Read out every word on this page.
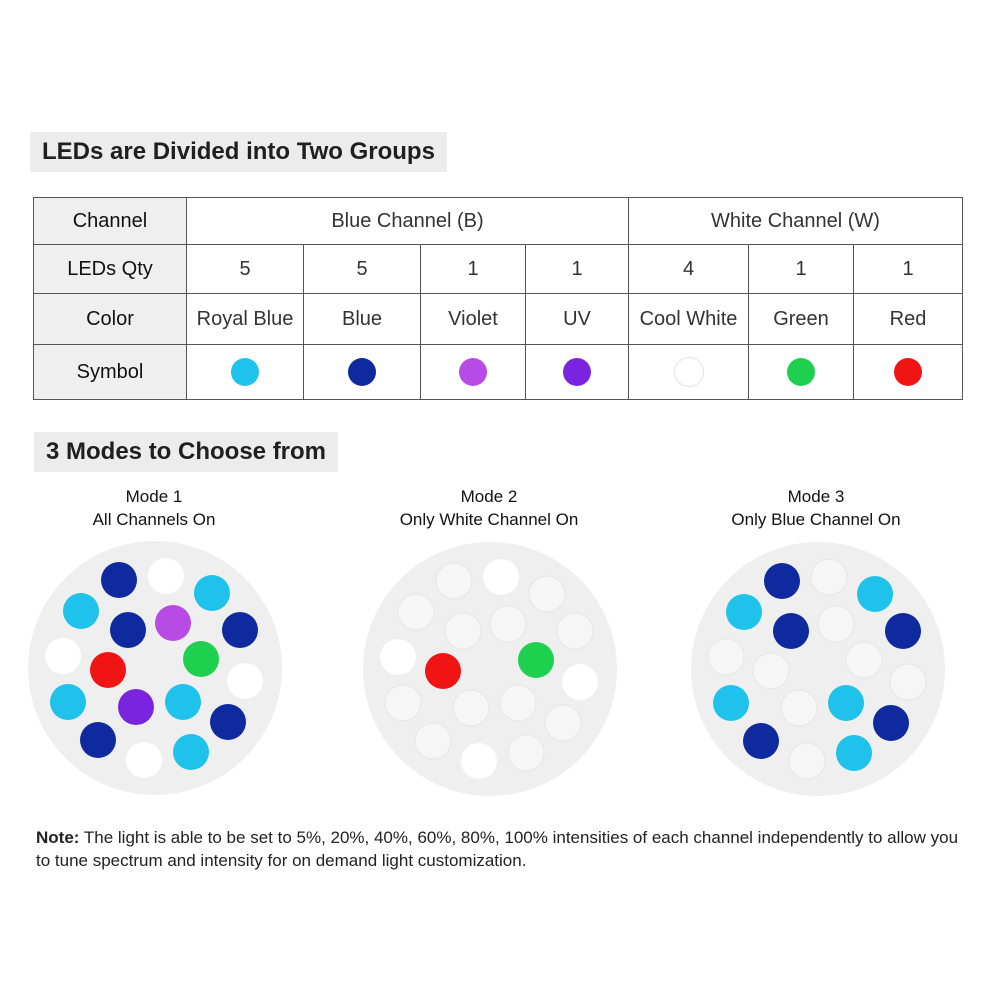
LEDs are Divided into Two Groups
Channel	Blue Channel (B)				White Channel (W)		
LEDs Qty	5	5	1	1	4	1	1
Color	Royal Blue	Blue	Violet	UV	Cool White	Green	Red
Symbol							
3 Modes to Choose from
Mode 1
All Channels On
Mode 2
Only White Channel On
Mode 3
Only Blue Channel On
Note: The light is able to be set to 5%, 20%, 40%, 60%, 80%, 100% intensities of each channel independently to allow you to tune spectrum and intensity for on demand light customization.
